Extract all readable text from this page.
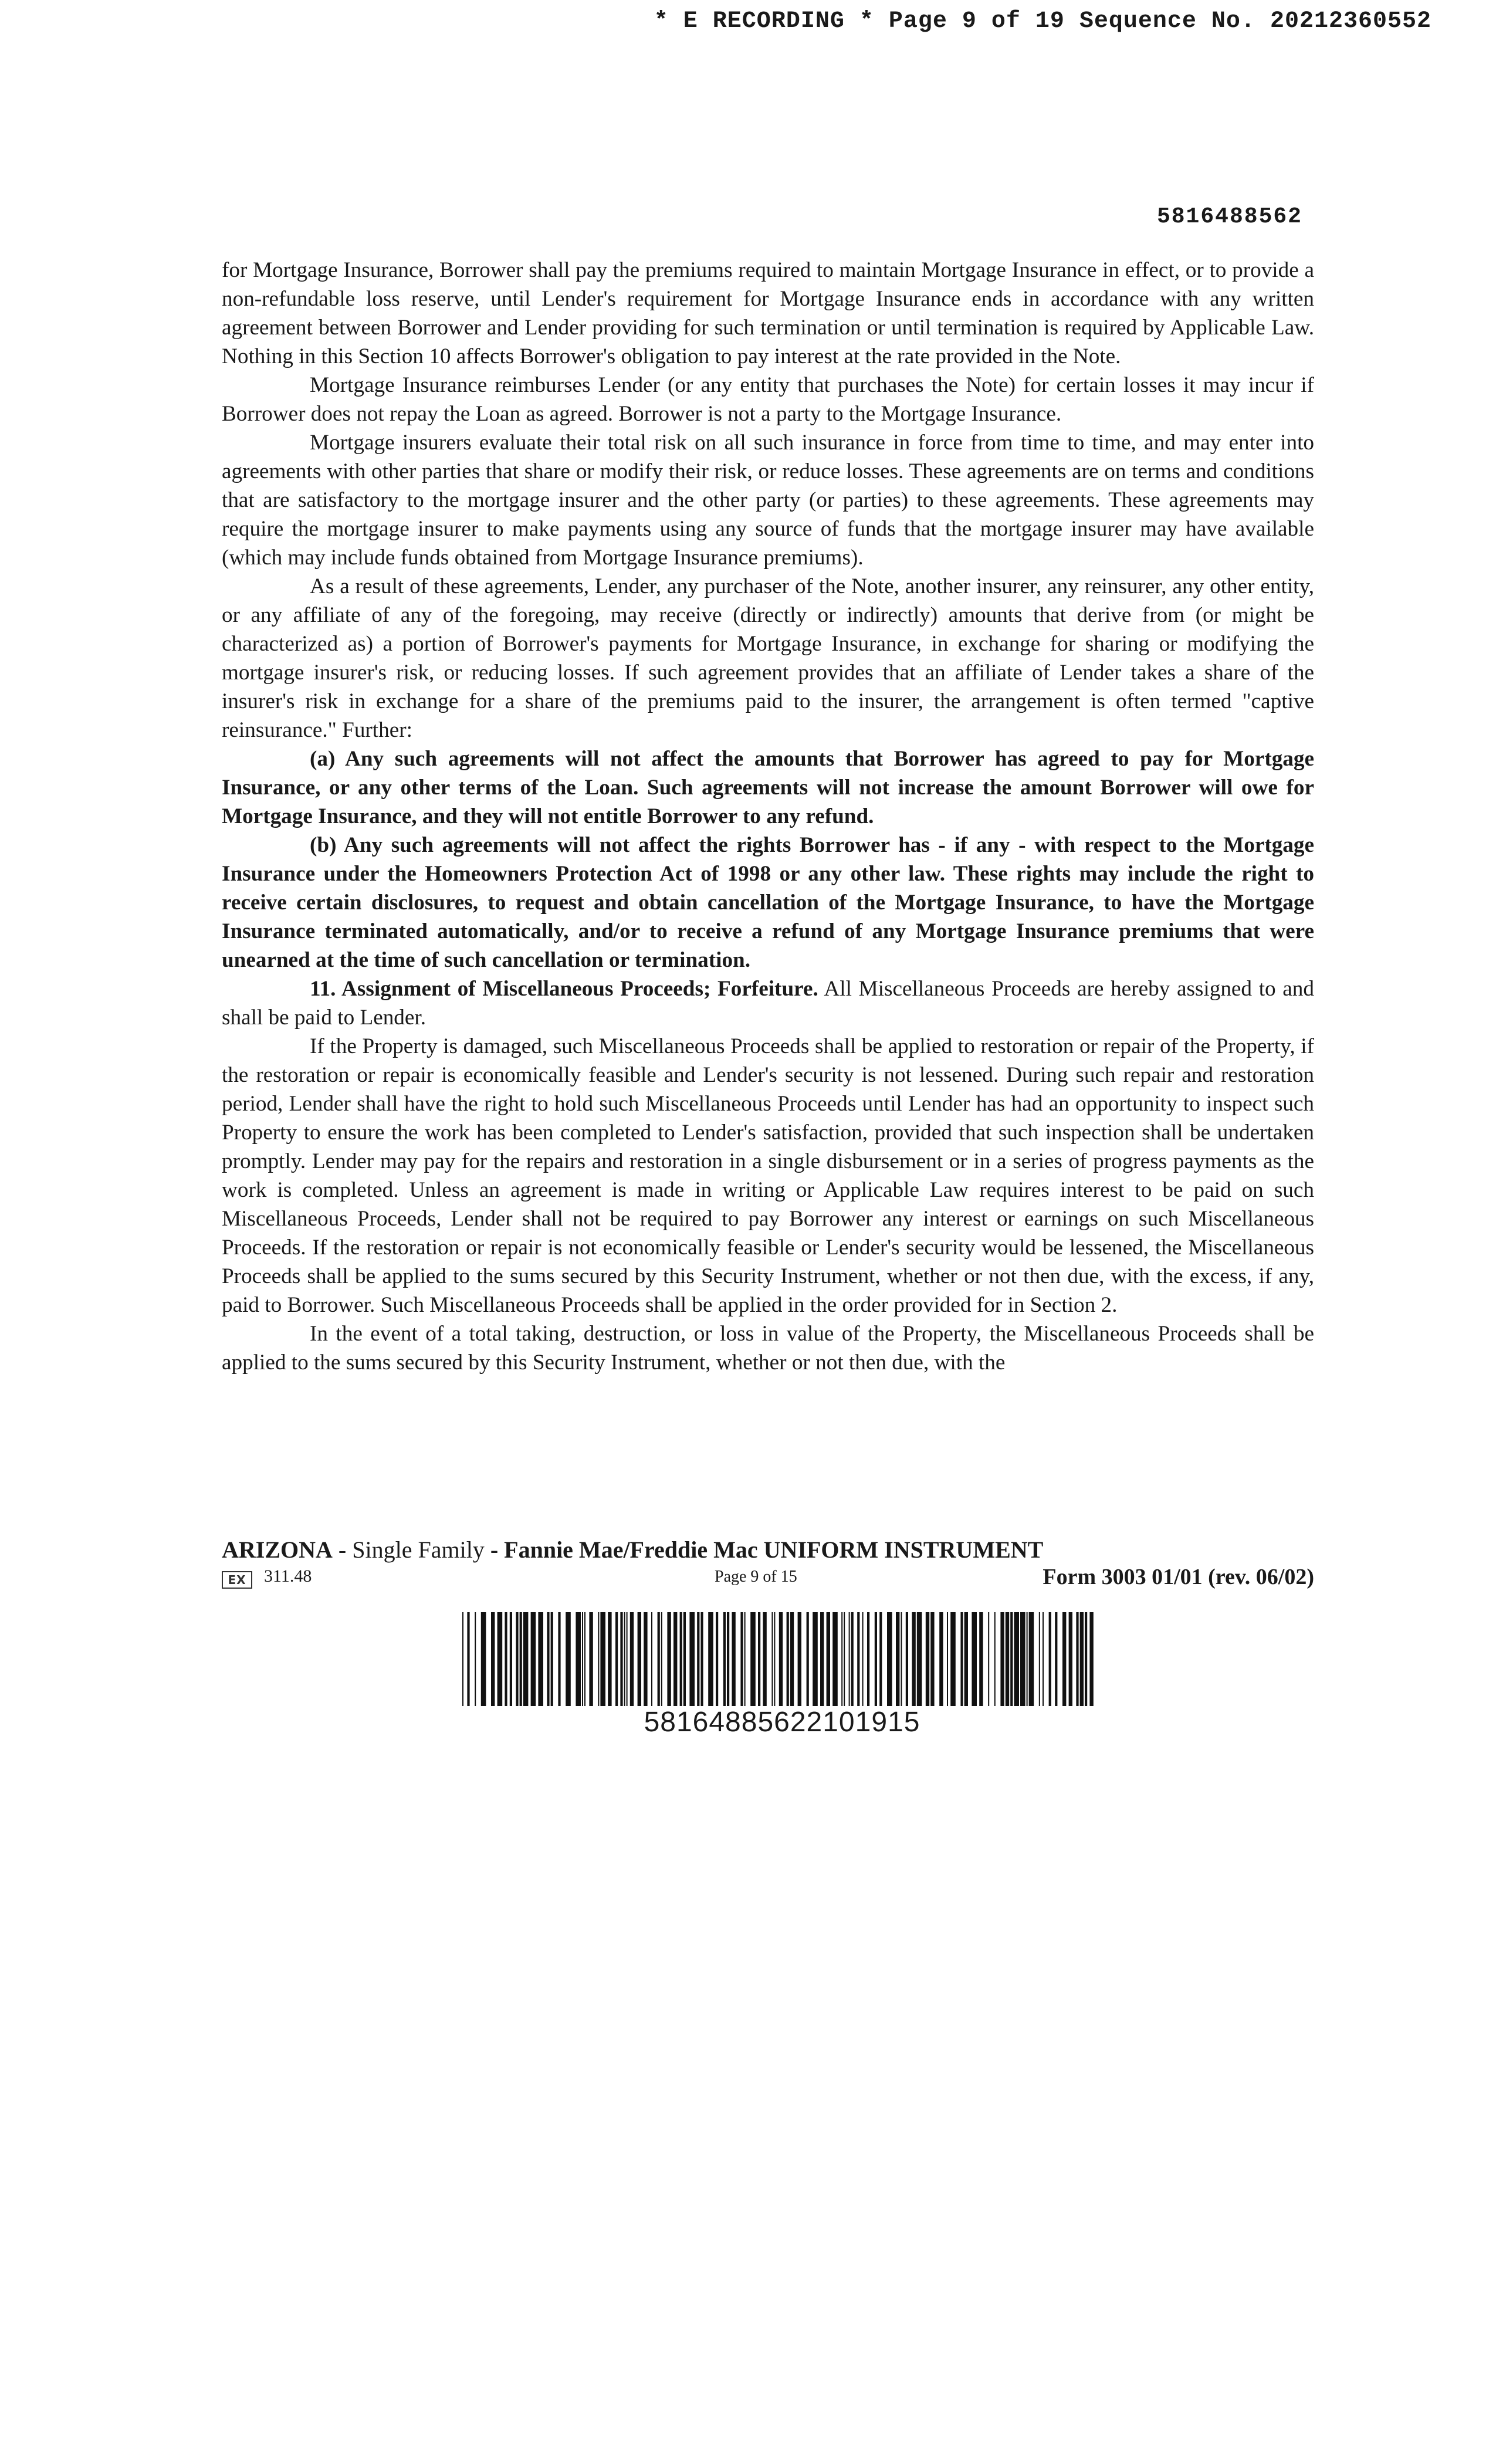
* E RECORDING * Page 9 of 19 Sequence No. 20212360552
5816488562

for Mortgage Insurance, Borrower shall pay the premiums required to maintain Mortgage Insurance in effect, or to provide a non-refundable loss reserve, until Lender's requirement for Mortgage Insurance ends in accordance with any written agreement between Borrower and Lender providing for such termination or until termination is required by Applicable Law. Nothing in this Section 10 affects Borrower's obligation to pay interest at the rate provided in the Note.

Mortgage Insurance reimburses Lender (or any entity that purchases the Note) for certain losses it may incur if Borrower does not repay the Loan as agreed. Borrower is not a party to the Mortgage Insurance.

Mortgage insurers evaluate their total risk on all such insurance in force from time to time, and may enter into agreements with other parties that share or modify their risk, or reduce losses. These agreements are on terms and conditions that are satisfactory to the mortgage insurer and the other party (or parties) to these agreements. These agreements may require the mortgage insurer to make payments using any source of funds that the mortgage insurer may have available (which may include funds obtained from Mortgage Insurance premiums).

As a result of these agreements, Lender, any purchaser of the Note, another insurer, any reinsurer, any other entity, or any affiliate of any of the foregoing, may receive (directly or indirectly) amounts that derive from (or might be characterized as) a portion of Borrower's payments for Mortgage Insurance, in exchange for sharing or modifying the mortgage insurer's risk, or reducing losses. If such agreement provides that an affiliate of Lender takes a share of the insurer's risk in exchange for a share of the premiums paid to the insurer, the arrangement is often termed "captive reinsurance." Further:

(a) Any such agreements will not affect the amounts that Borrower has agreed to pay for Mortgage Insurance, or any other terms of the Loan. Such agreements will not increase the amount Borrower will owe for Mortgage Insurance, and they will not entitle Borrower to any refund.

(b) Any such agreements will not affect the rights Borrower has - if any - with respect to the Mortgage Insurance under the Homeowners Protection Act of 1998 or any other law. These rights may include the right to receive certain disclosures, to request and obtain cancellation of the Mortgage Insurance, to have the Mortgage Insurance terminated automatically, and/or to receive a refund of any Mortgage Insurance premiums that were unearned at the time of such cancellation or termination.

11. Assignment of Miscellaneous Proceeds; Forfeiture. All Miscellaneous Proceeds are hereby assigned to and shall be paid to Lender.

If the Property is damaged, such Miscellaneous Proceeds shall be applied to restoration or repair of the Property, if the restoration or repair is economically feasible and Lender's security is not lessened. During such repair and restoration period, Lender shall have the right to hold such Miscellaneous Proceeds until Lender has had an opportunity to inspect such Property to ensure the work has been completed to Lender's satisfaction, provided that such inspection shall be undertaken promptly. Lender may pay for the repairs and restoration in a single disbursement or in a series of progress payments as the work is completed. Unless an agreement is made in writing or Applicable Law requires interest to be paid on such Miscellaneous Proceeds, Lender shall not be required to pay Borrower any interest or earnings on such Miscellaneous Proceeds. If the restoration or repair is not economically feasible or Lender's security would be lessened, the Miscellaneous Proceeds shall be applied to the sums secured by this Security Instrument, whether or not then due, with the excess, if any, paid to Borrower. Such Miscellaneous Proceeds shall be applied in the order provided for in Section 2.

In the event of a total taking, destruction, or loss in value of the Property, the Miscellaneous Proceeds shall be applied to the sums secured by this Security Instrument, whether or not then due, with the

ARIZONA - Single Family - Fannie Mae/Freddie Mac UNIFORM INSTRUMENT
EX	311.48	Page 9 of 15	Form 3003 01/01 (rev. 06/02)
58164885622101915
